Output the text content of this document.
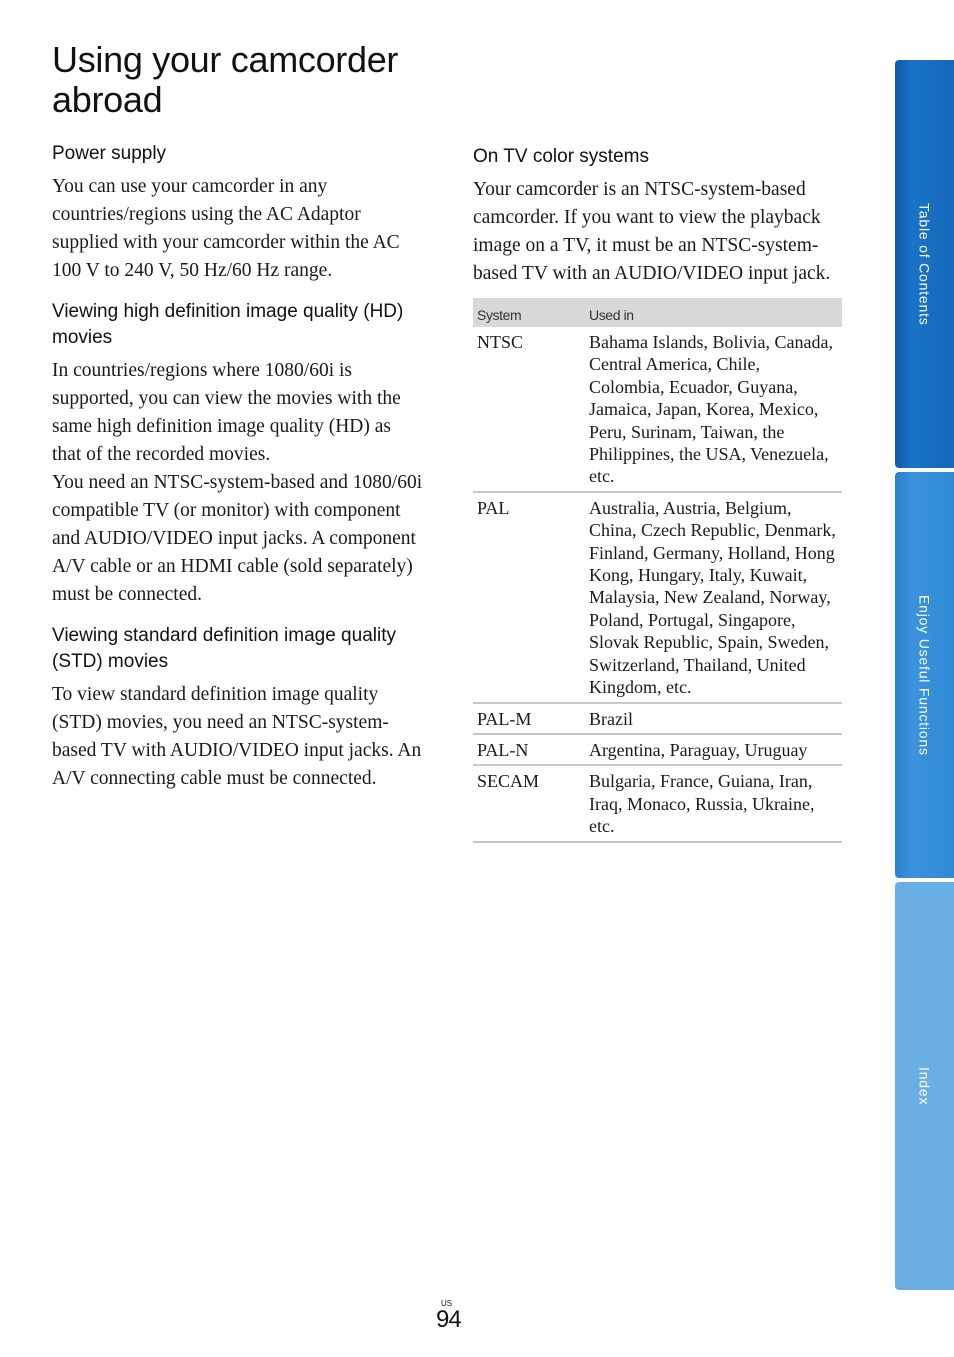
Using your camcorder abroad
Power supply

You can use your camcorder in any countries/regions using the AC Adaptor supplied with your camcorder within the AC 100 V to 240 V, 50 Hz/60 Hz range.

Viewing high definition image quality (HD) movies

In countries/regions where 1080/60i is supported, you can view the movies with the same high definition image quality (HD) as that of the recorded movies.

You need an NTSC-system-based and 1080/60i compatible TV (or monitor) with component and AUDIO/VIDEO input jacks. A component A/V cable or an HDMI cable (sold separately) must be connected.

Viewing standard definition image quality (STD) movies

To view standard definition image quality (STD) movies, you need an NTSC-system-based TV with AUDIO/VIDEO input jacks. An A/V connecting cable must be connected.

On TV color systems

Your camcorder is an NTSC-system-based camcorder. If you want to view the playback image on a TV, it must be an NTSC-system-based TV with an AUDIO/VIDEO input jack.

System	Used in
NTSC	Bahama Islands, Bolivia, Canada, Central America, Chile, Colombia, Ecuador, Guyana, Jamaica, Japan, Korea, Mexico, Peru, Surinam, Taiwan, the Philippines, the USA, Venezuela, etc.
PAL	Australia, Austria, Belgium, China, Czech Republic, Denmark, Finland, Germany, Holland, Hong Kong, Hungary, Italy, Kuwait, Malaysia, New Zealand, Norway, Poland, Portugal, Singapore, Slovak Republic, Spain, Sweden, Switzerland, Thailand, United Kingdom, etc.
PAL-M	Brazil
PAL-N	Argentina, Paraguay, Uruguay
SECAM	Bulgaria, France, Guiana, Iran, Iraq, Monaco, Russia, Ukraine, etc.
Table of Contents
Enjoy Useful Functions
Index
US
94
